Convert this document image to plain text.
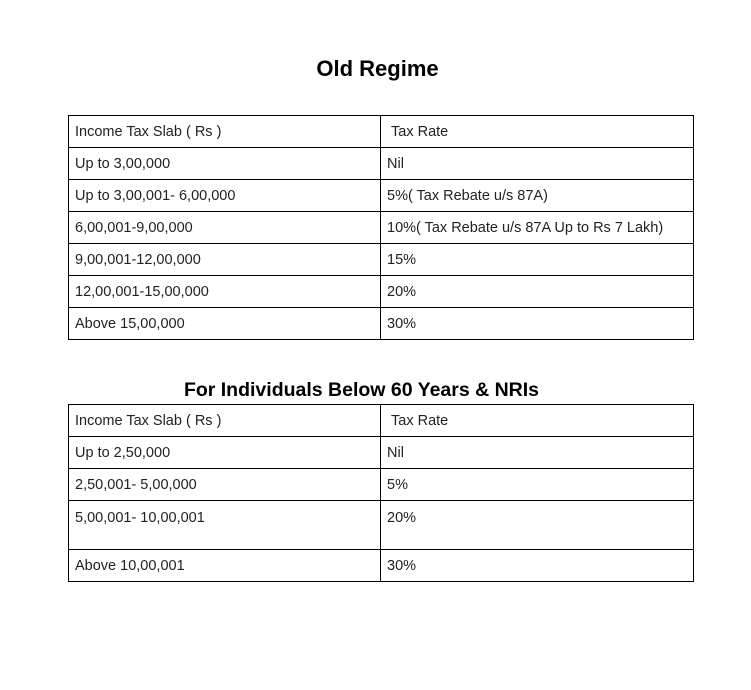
Old Regime
Income Tax Slab ( Rs )	Tax Rate
Up to 3,00,000	Nil
Up to 3,00,001- 6,00,000	5%( Tax Rebate u/s 87A)
6,00,001-9,00,000	10%( Tax Rebate u/s 87A Up to Rs 7 Lakh)
9,00,001-12,00,000	15%
12,00,001-15,00,000	20%
Above 15,00,000	30%
For Individuals Below 60 Years & NRIs
Income Tax Slab ( Rs )	Tax Rate
Up to 2,50,000	Nil
2,50,001- 5,00,000	5%
5,00,001- 10,00,001	20%
Above 10,00,001	30%
